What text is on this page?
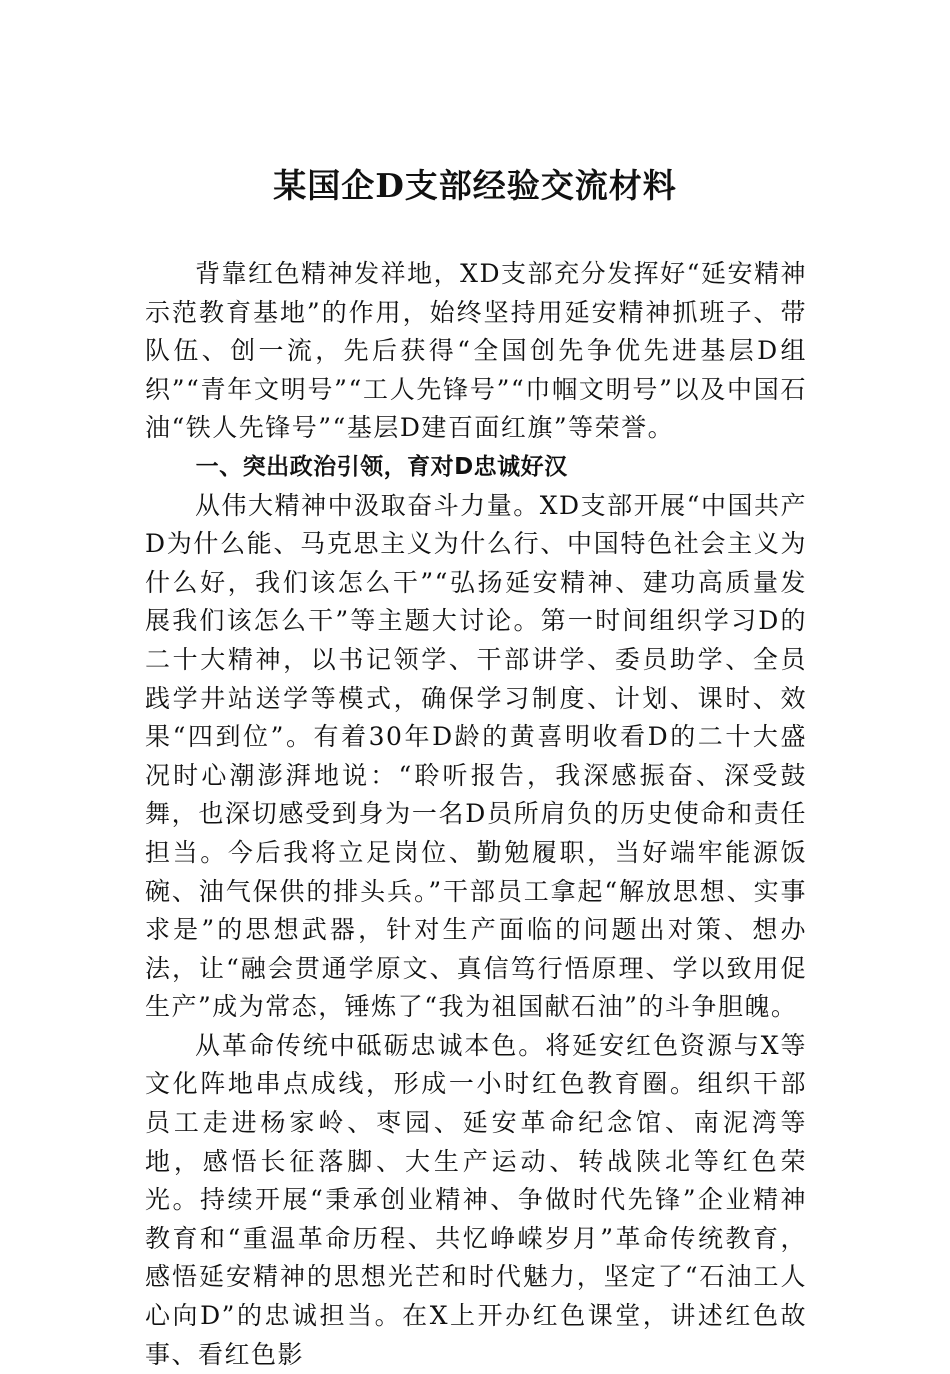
某国企D支部经验交流材料

背靠红色精神发祥地，XD支部充分发挥好“延安精神示范教育基地”的作用，始终坚持用延安精神抓班子、带队伍、创一流，先后获得“全国创先争优先进基层D组织”“青年文明号”“工人先锋号”“巾帼文明号”以及中国石油“铁人先锋号”“基层D建百面红旗”等荣誉。

一、突出政治引领，育对D忠诚好汉

从伟大精神中汲取奋斗力量。XD支部开展“中国共产D为什么能、马克思主义为什么行、中国特色社会主义为什么好，我们该怎么干”“弘扬延安精神、建功高质量发展我们该怎么干”等主题大讨论。第一时间组织学习D的二十大精神，以书记领学、干部讲学、委员助学、全员践学井站送学等模式，确保学习制度、计划、课时、效果“四到位”。有着30年D龄的黄喜明收看D的二十大盛况时心潮澎湃地说：“聆听报告，我深感振奋、深受鼓舞，也深切感受到身为一名D员所肩负的历史使命和责任担当。今后我将立足岗位、勤勉履职，当好端牢能源饭碗、油气保供的排头兵。”干部员工拿起“解放思想、实事求是”的思想武器，针对生产面临的问题出对策、想办法，让“融会贯通学原文、真信笃行悟原理、学以致用促生产”成为常态，锤炼了“我为祖国献石油”的斗争胆魄。

从革命传统中砥砺忠诚本色。将延安红色资源与X等文化阵地串点成线，形成一小时红色教育圈。组织干部员工走进杨家岭、枣园、延安革命纪念馆、南泥湾等地，感悟长征落脚、大生产运动、转战陕北等红色荣光。持续开展“秉承创业精神、争做时代先锋”企业精神教育和“重温革命历程、共忆峥嵘岁月”革命传统教育，感悟延安精神的思想光芒和时代魅力，坚定了“石油工人心向D”的忠诚担当。在X上开办红色课堂，讲述红色故事、看红色影
